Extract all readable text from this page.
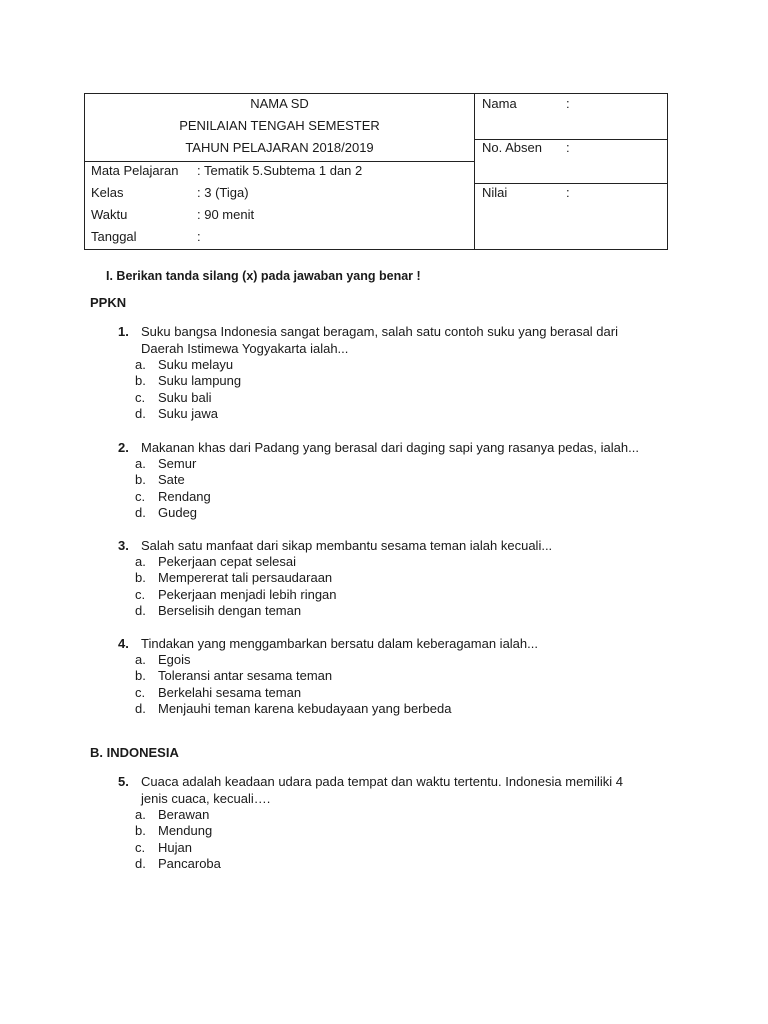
NAMA SD
PENILAIAN TENGAH SEMESTER
TAHUN PELAJARAN 2018/2019
Mata Pelajaran : Tematik 5.Subtema 1 dan 2
Kelas	: 3 (Tiga)
Waktu	: 90 menit
Tanggal	:
Nama	:
No. Absen :
Nilai	:
I. Berikan tanda silang (x) pada jawaban yang benar !
PPKN
1. Suku bangsa Indonesia sangat beragam, salah satu contoh suku yang berasal dari
Daerah Istimewa Yogyakarta ialah...
a. Suku melayu
b. Suku lampung
c. Suku bali
d. Suku jawa
2. Makanan khas dari Padang yang berasal dari daging sapi yang rasanya pedas, ialah...
a. Semur
b. Sate
c. Rendang
d. Gudeg
3. Salah satu manfaat dari sikap membantu sesama teman ialah kecuali...
a. Pekerjaan cepat selesai
b. Mempererat tali persaudaraan
c. Pekerjaan menjadi lebih ringan
d. Berselisih dengan teman
4. Tindakan yang menggambarkan bersatu dalam keberagaman ialah...
a. Egois
b. Toleransi antar sesama teman
c. Berkelahi sesama teman
d. Menjauhi teman karena kebudayaan yang berbeda
B. INDONESIA
5. Cuaca adalah keadaan udara pada tempat dan waktu tertentu. Indonesia memiliki 4
jenis cuaca, kecuali….
a. Berawan
b. Mendung
c. Hujan
d. Pancaroba
